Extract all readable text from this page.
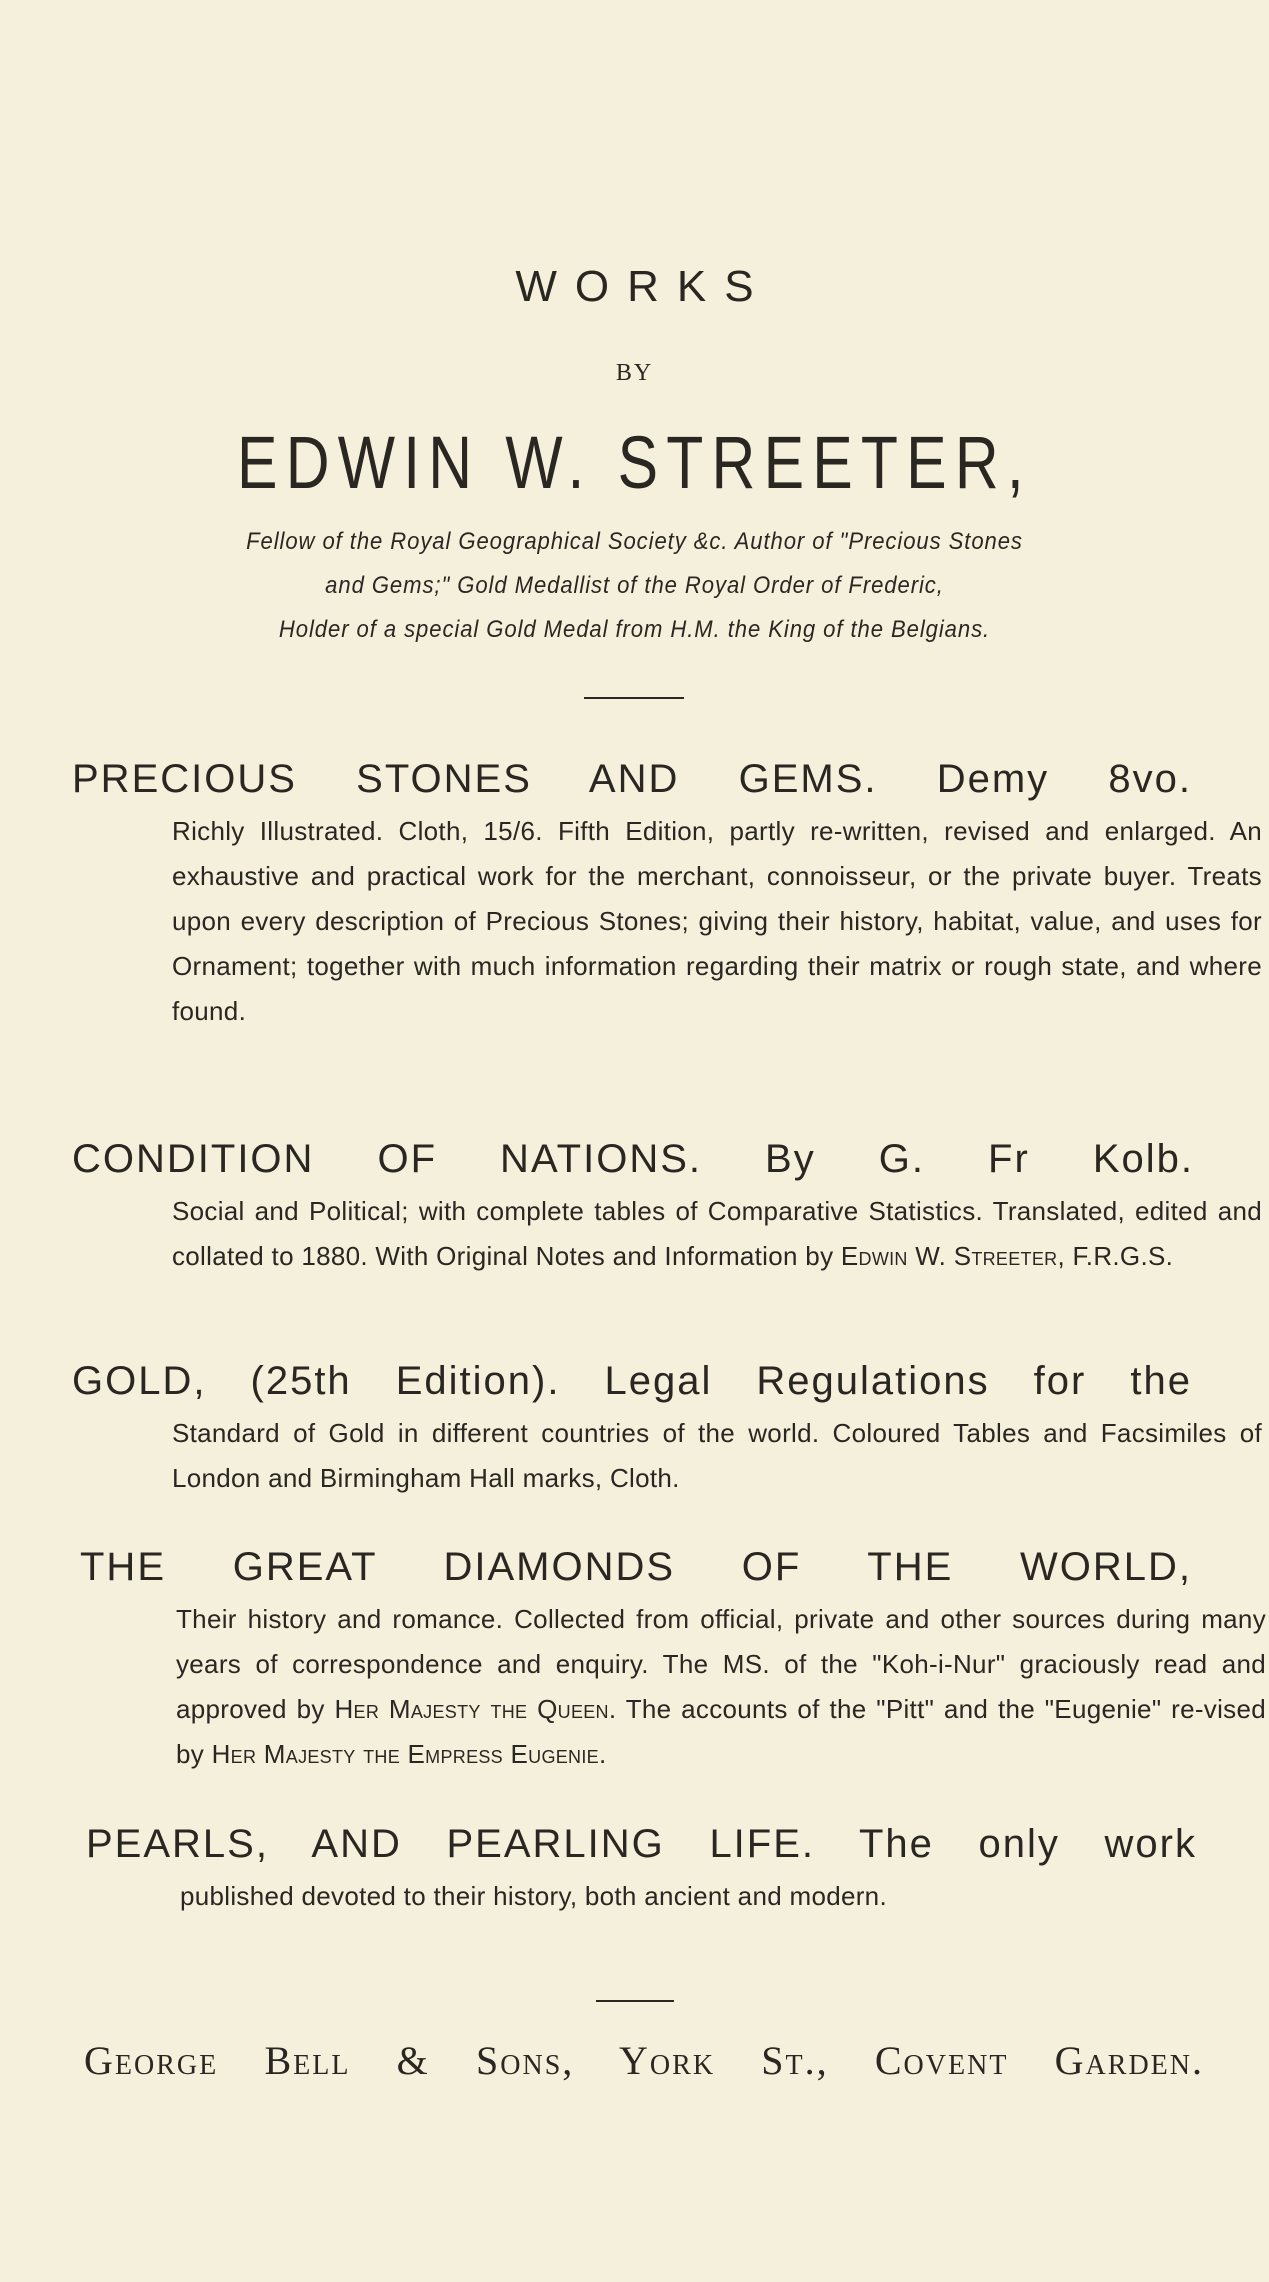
WORKS
BY
EDWIN W. STREETER,
Fellow of the Royal Geographical Society &c. Author of "Precious Stones
and Gems;" Gold Medallist of the Royal Order of Frederic,
Holder of a special Gold Medal from H.M. the King of the Belgians.
PRECIOUS STONES AND GEMS. Demy 8vo.
Richly Illustrated. Cloth, 15/6. Fifth Edition, partly re-written, revised and enlarged. An exhaustive and practical work for the merchant, connoisseur, or the private buyer. Treats upon every description of Precious Stones; giving their history, habitat, value, and uses for Ornament; together with much information regarding their matrix or rough state, and where found.
CONDITION OF NATIONS. By G. Fr Kolb.
Social and Political; with complete tables of Comparative Statistics. Translated, edited and collated to 1880. With Original Notes and Information by Edwin W. Streeter, F.R.G.S.
GOLD, (25th Edition). Legal Regulations for the
Standard of Gold in different countries of the world. Coloured Tables and Facsimiles of London and Birmingham Hall marks, Cloth.
THE GREAT DIAMONDS OF THE WORLD,
Their history and romance. Collected from official, private and other sources during many years of correspondence and enquiry. The MS. of the "Koh-i-Nur" graciously read and approved by Her Majesty the Queen. The accounts of the "Pitt" and the "Eugenie" re-vised by Her Majesty the Empress Eugenie.
PEARLS, AND PEARLING LIFE. The only work
published devoted to their history, both ancient and modern.
George Bell & Sons, York St., Covent Garden.
